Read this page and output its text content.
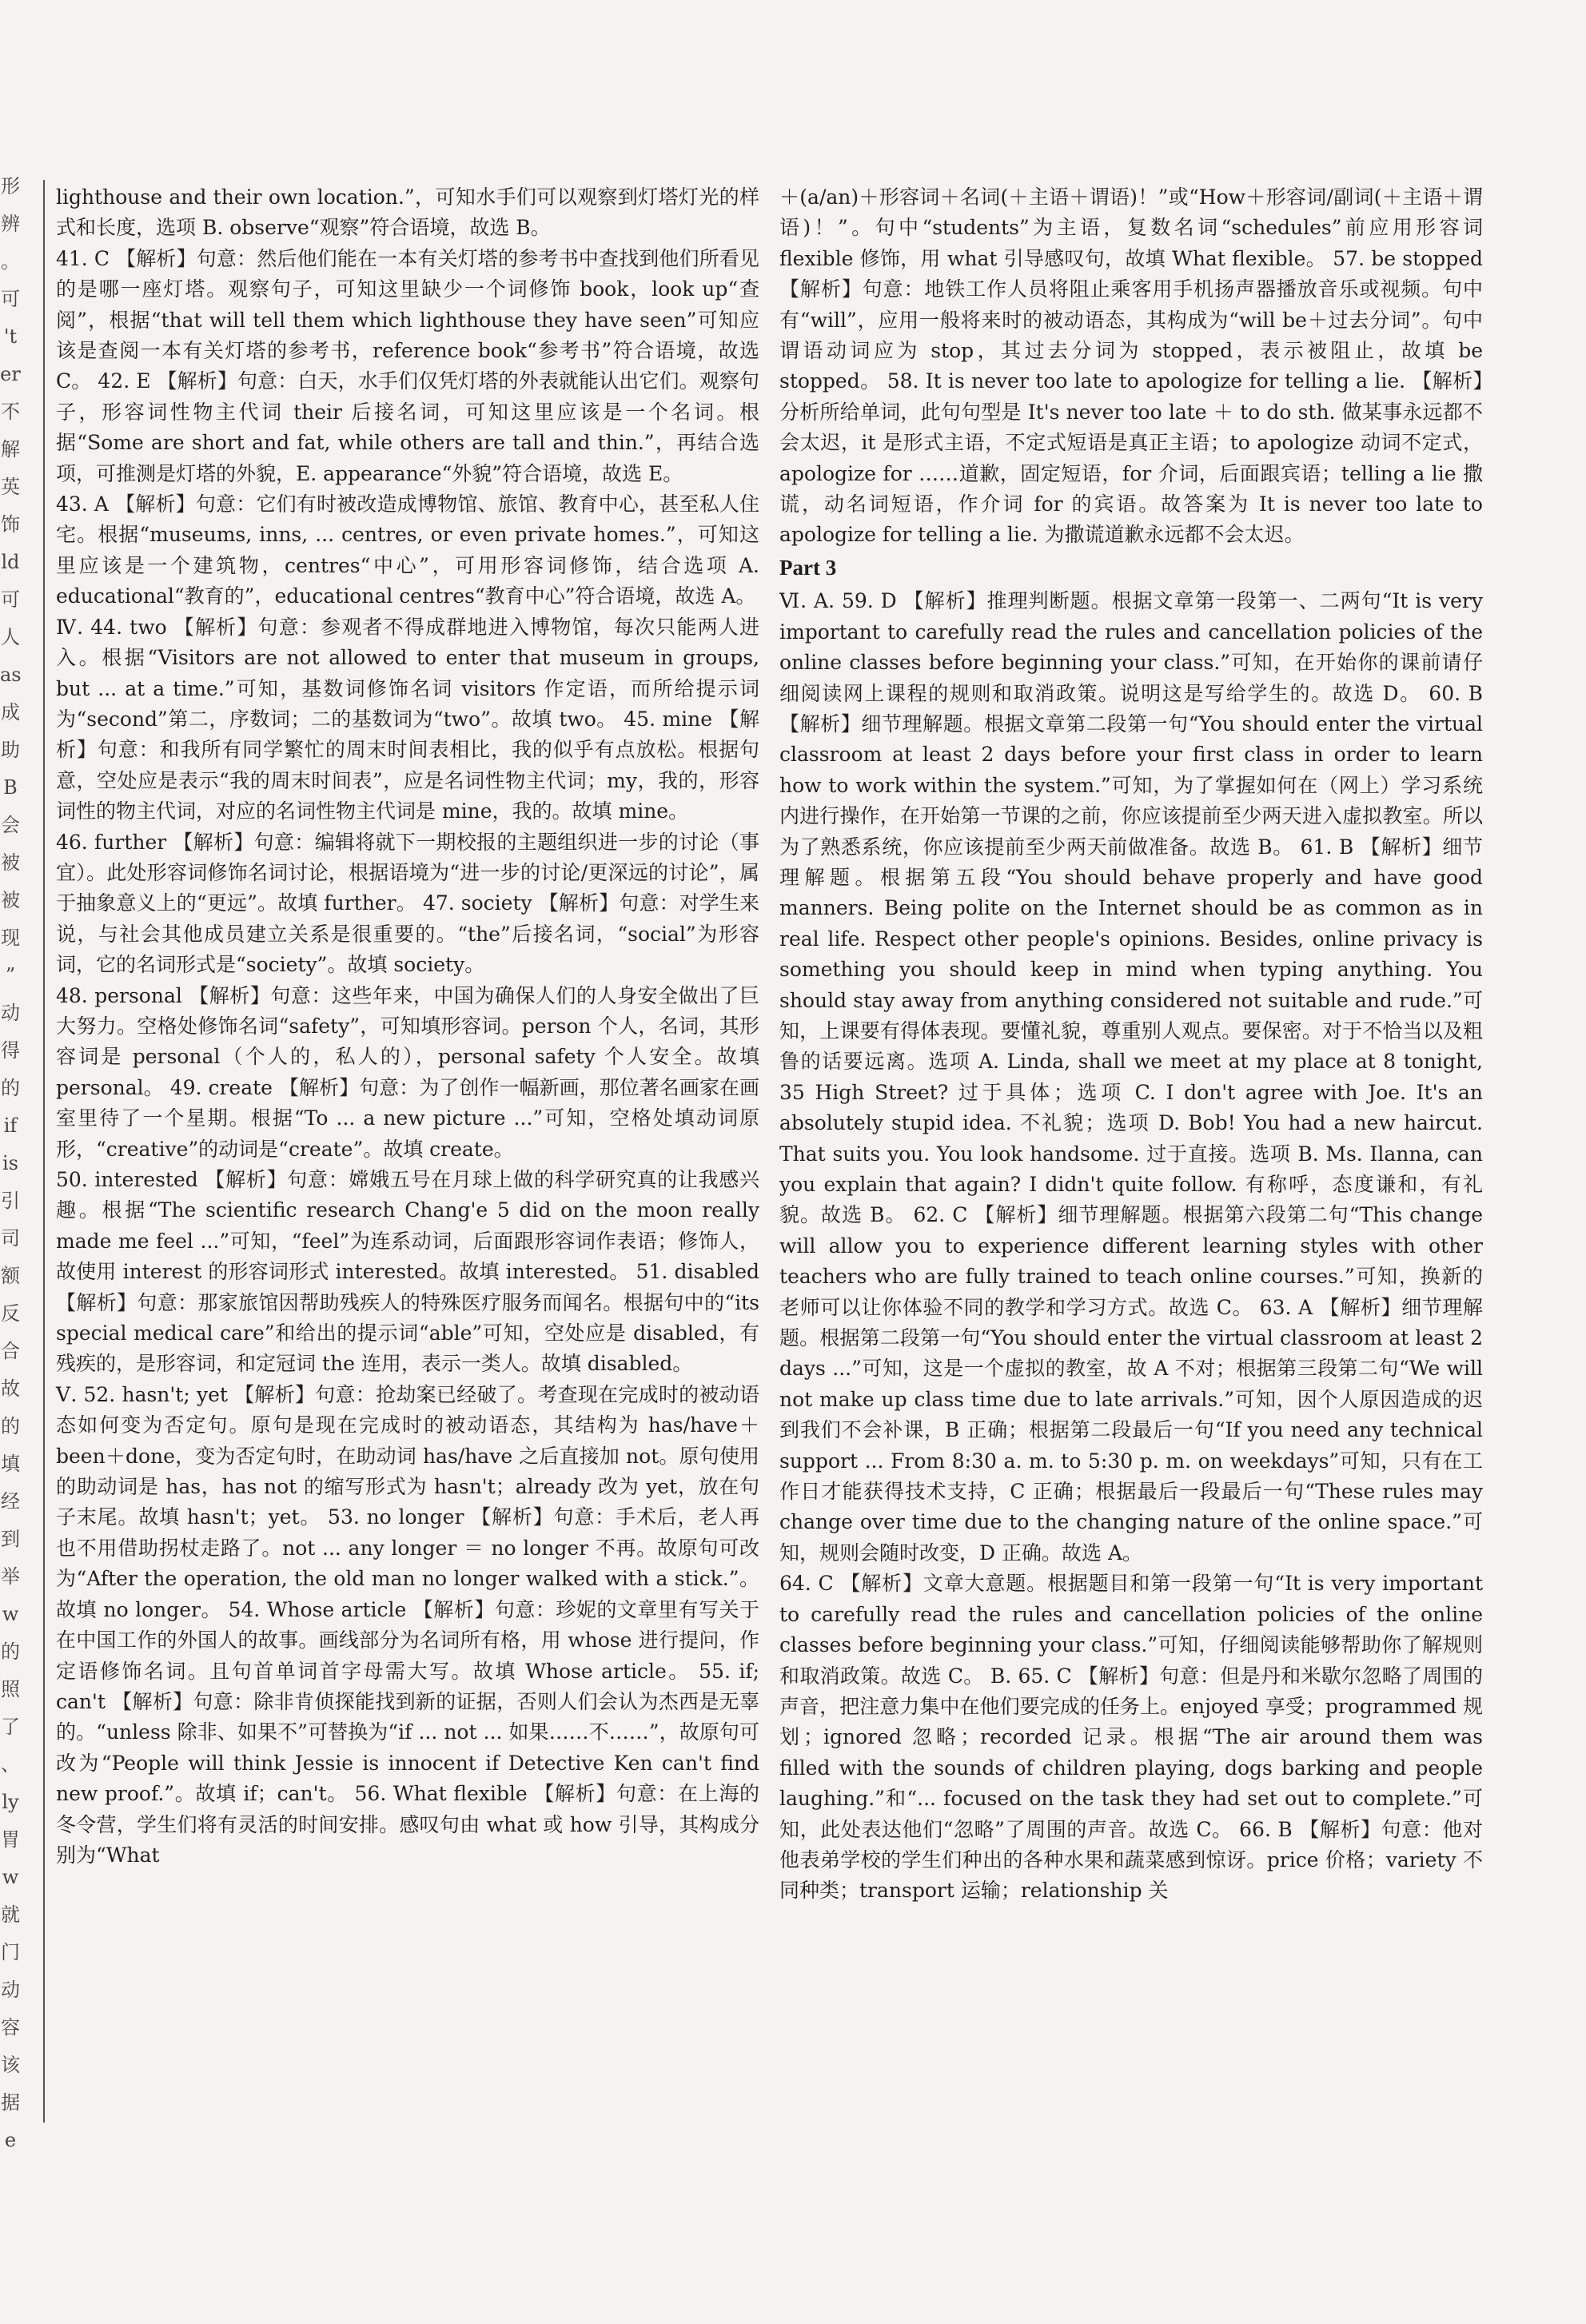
形
辨
。
可
't
er
不
解
英
饰
ld
可
人
as
成
助
B
会
被
被
现
”
动
得
的
if
is
引
司
额
反
合
故
的
填
经
到
举
w
的
照
了
、
ly
胃
w
就
门
动
容
该
据
e

lighthouse and their own location.”，可知水手们可以观察到灯塔灯光的样式和长度，选项 B. observe“观察”符合语境，故选 B。

41. C 【解析】句意：然后他们能在一本有关灯塔的参考书中查找到他们所看见的是哪一座灯塔。观察句子，可知这里缺少一个词修饰 book，look up“查阅”，根据“that will tell them which lighthouse they have seen”可知应该是查阅一本有关灯塔的参考书，reference book“参考书”符合语境，故选 C。 42. E 【解析】句意：白天，水手们仅凭灯塔的外表就能认出它们。观察句子，形容词性物主代词 their 后接名词，可知这里应该是一个名词。根据“Some are short and fat, while others are tall and thin.”，再结合选项，可推测是灯塔的外貌，E. appearance“外貌”符合语境，故选 E。

43. A 【解析】句意：它们有时被改造成博物馆、旅馆、教育中心，甚至私人住宅。根据“museums, inns, ... centres, or even private homes.”，可知这里应该是一个建筑物，centres“中心”，可用形容词修饰，结合选项 A. educational“教育的”，educational centres“教育中心”符合语境，故选 A。

Ⅳ. 44. two 【解析】句意：参观者不得成群地进入博物馆，每次只能两人进入。根据“Visitors are not allowed to enter that museum in groups, but ... at a time.”可知，基数词修饰名词 visitors 作定语，而所给提示词为“second”第二，序数词；二的基数词为“two”。故填 two。 45. mine 【解析】句意：和我所有同学繁忙的周末时间表相比，我的似乎有点放松。根据句意，空处应是表示“我的周末时间表”，应是名词性物主代词；my，我的，形容词性的物主代词，对应的名词性物主代词是 mine，我的。故填 mine。

46. further 【解析】句意：编辑将就下一期校报的主题组织进一步的讨论（事宜）。此处形容词修饰名词讨论，根据语境为“进一步的讨论/更深远的讨论”，属于抽象意义上的“更远”。故填 further。 47. society 【解析】句意：对学生来说，与社会其他成员建立关系是很重要的。“the”后接名词，“social”为形容词，它的名词形式是“society”。故填 society。

48. personal 【解析】句意：这些年来，中国为确保人们的人身安全做出了巨大努力。空格处修饰名词“safety”，可知填形容词。person 个人，名词，其形容词是 personal（个人的，私人的），personal safety 个人安全。故填 personal。 49. create 【解析】句意：为了创作一幅新画，那位著名画家在画室里待了一个星期。根据“To ... a new picture ...”可知，空格处填动词原形，“creative”的动词是“create”。故填 create。

50. interested 【解析】句意：嫦娥五号在月球上做的科学研究真的让我感兴趣。根据“The scientific research Chang'e 5 did on the moon really made me feel ...”可知，“feel”为连系动词，后面跟形容词作表语；修饰人，故使用 interest 的形容词形式 interested。故填 interested。 51. disabled 【解析】句意：那家旅馆因帮助残疾人的特殊医疗服务而闻名。根据句中的“its special medical care”和给出的提示词“able”可知，空处应是 disabled，有残疾的，是形容词，和定冠词 the 连用，表示一类人。故填 disabled。

Ⅴ. 52. hasn't; yet 【解析】句意：抢劫案已经破了。考查现在完成时的被动语态如何变为否定句。原句是现在完成时的被动语态，其结构为 has/have＋been＋done，变为否定句时，在助动词 has/have 之后直接加 not。原句使用的助动词是 has，has not 的缩写形式为 hasn't；already 改为 yet，放在句子末尾。故填 hasn't；yet。 53. no longer 【解析】句意：手术后，老人再也不用借助拐杖走路了。not ... any longer ＝ no longer 不再。故原句可改为“After the operation, the old man no longer walked with a stick.”。故填 no longer。 54. Whose article 【解析】句意：珍妮的文章里有写关于在中国工作的外国人的故事。画线部分为名词所有格，用 whose 进行提问，作定语修饰名词。且句首单词首字母需大写。故填 Whose article。 55. if; can't 【解析】句意：除非肯侦探能找到新的证据，否则人们会认为杰西是无辜的。“unless 除非、如果不”可替换为“if ... not ... 如果……不……”，故原句可改为“People will think Jessie is innocent if Detective Ken can't find new proof.”。故填 if；can't。 56. What flexible 【解析】句意：在上海的冬令营，学生们将有灵活的时间安排。感叹句由 what 或 how 引导，其构成分别为“What

＋(a/an)＋形容词＋名词(＋主语＋谓语)！”或“How＋形容词/副词(＋主语＋谓语)！”。句中“students”为主语，复数名词“schedules”前应用形容词 flexible 修饰，用 what 引导感叹句，故填 What flexible。 57. be stopped 【解析】句意：地铁工作人员将阻止乘客用手机扬声器播放音乐或视频。句中有“will”，应用一般将来时的被动语态，其构成为“will be＋过去分词”。句中谓语动词应为 stop，其过去分词为 stopped，表示被阻止，故填 be stopped。 58. It is never too late to apologize for telling a lie. 【解析】分析所给单词，此句句型是 It's never too late ＋ to do sth. 做某事永远都不会太迟，it 是形式主语，不定式短语是真正主语；to apologize 动词不定式，apologize for ……道歉，固定短语，for 介词，后面跟宾语；telling a lie 撒谎，动名词短语，作介词 for 的宾语。故答案为 It is never too late to apologize for telling a lie. 为撒谎道歉永远都不会太迟。

Part 3

Ⅵ. A. 59. D 【解析】推理判断题。根据文章第一段第一、二两句“It is very important to carefully read the rules and cancellation policies of the online classes before beginning your class.”可知，在开始你的课前请仔细阅读网上课程的规则和取消政策。说明这是写给学生的。故选 D。 60. B 【解析】细节理解题。根据文章第二段第一句“You should enter the virtual classroom at least 2 days before your first class in order to learn how to work within the system.”可知，为了掌握如何在（网上）学习系统内进行操作，在开始第一节课的之前，你应该提前至少两天进入虚拟教室。所以为了熟悉系统，你应该提前至少两天前做准备。故选 B。 61. B 【解析】细节理解题。根据第五段“You should behave properly and have good manners. Being polite on the Internet should be as common as in real life. Respect other people's opinions. Besides, online privacy is something you should keep in mind when typing anything. You should stay away from anything considered not suitable and rude.”可知，上课要有得体表现。要懂礼貌，尊重别人观点。要保密。对于不恰当以及粗鲁的话要远离。选项 A. Linda, shall we meet at my place at 8 tonight, 35 High Street? 过于具体；选项 C. I don't agree with Joe. It's an absolutely stupid idea. 不礼貌；选项 D. Bob! You had a new haircut. That suits you. You look handsome. 过于直接。选项 B. Ms. Ilanna, can you explain that again? I didn't quite follow. 有称呼，态度谦和，有礼貌。故选 B。 62. C 【解析】细节理解题。根据第六段第二句“This change will allow you to experience different learning styles with other teachers who are fully trained to teach online courses.”可知，换新的老师可以让你体验不同的教学和学习方式。故选 C。 63. A 【解析】细节理解题。根据第二段第一句“You should enter the virtual classroom at least 2 days ...”可知，这是一个虚拟的教室，故 A 不对；根据第三段第二句“We will not make up class time due to late arrivals.”可知，因个人原因造成的迟到我们不会补课，B 正确；根据第二段最后一句“If you need any technical support ... From 8:30 a. m. to 5:30 p. m. on weekdays”可知，只有在工作日才能获得技术支持，C 正确；根据最后一段最后一句“These rules may change over time due to the changing nature of the online space.”可知，规则会随时改变，D 正确。故选 A。

64. C 【解析】文章大意题。根据题目和第一段第一句“It is very important to carefully read the rules and cancellation policies of the online classes before beginning your class.”可知，仔细阅读能够帮助你了解规则和取消政策。故选 C。 B. 65. C 【解析】句意：但是丹和米歇尔忽略了周围的声音，把注意力集中在他们要完成的任务上。enjoyed 享受；programmed 规划；ignored 忽略；recorded 记录。根据“The air around them was filled with the sounds of children playing, dogs barking and people laughing.”和“... focused on the task they had set out to complete.”可知，此处表达他们“忽略”了周围的声音。故选 C。 66. B 【解析】句意：他对他表弟学校的学生们种出的各种水果和蔬菜感到惊讶。price 价格；variety 不同种类；transport 运输；relationship 关
